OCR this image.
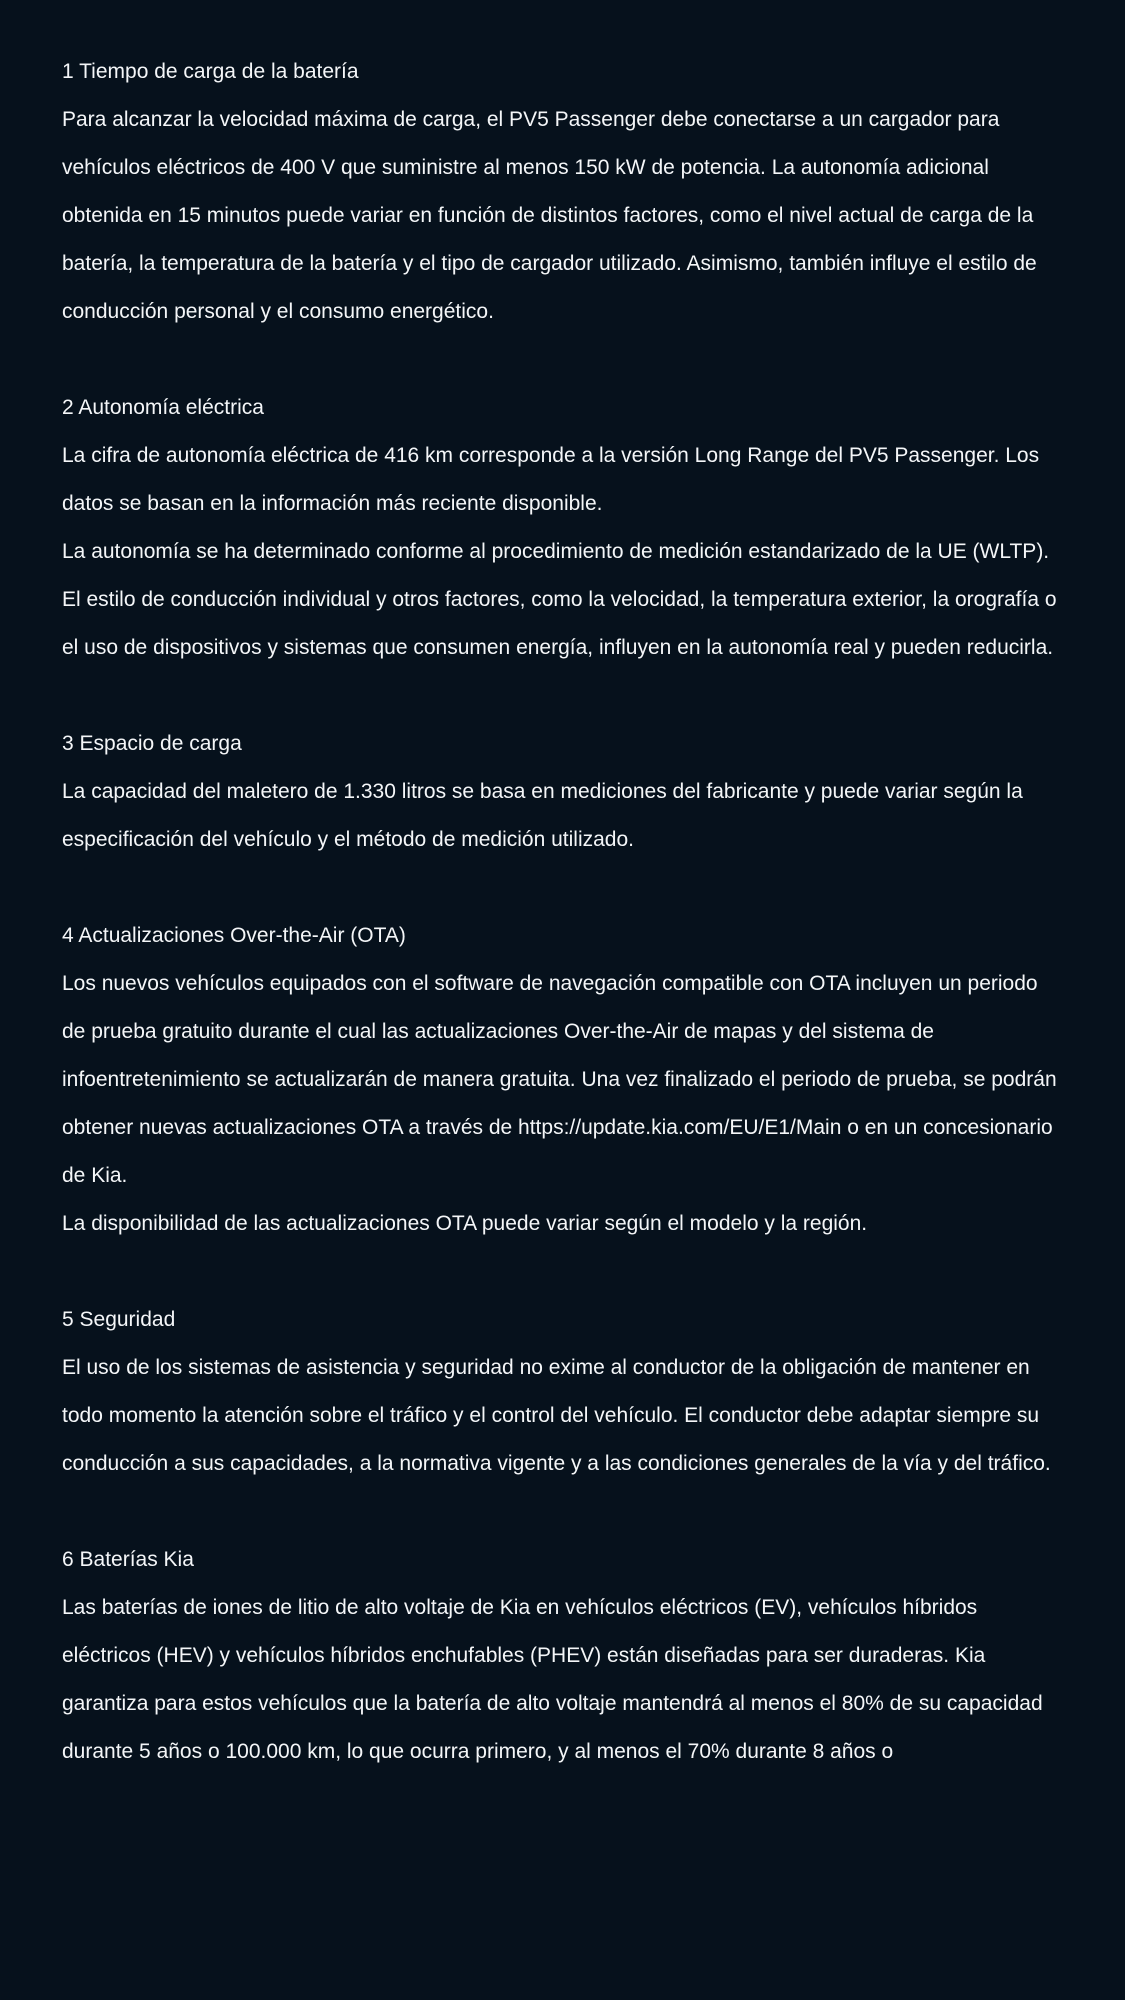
1 Tiempo de carga de la batería

Para alcanzar la velocidad máxima de carga, el PV5 Passenger debe conectarse a un cargador para vehículos eléctricos de 400 V que suministre al menos 150 kW de potencia. La autonomía adicional obtenida en 15 minutos puede variar en función de distintos factores, como el nivel actual de carga de la batería, la temperatura de la batería y el tipo de cargador utilizado. Asimismo, también influye el estilo de conducción personal y el consumo energético.

2 Autonomía eléctrica

La cifra de autonomía eléctrica de 416 km corresponde a la versión Long Range del PV5 Passenger. Los datos se basan en la información más reciente disponible.

La autonomía se ha determinado conforme al procedimiento de medición estandarizado de la UE (WLTP). El estilo de conducción individual y otros factores, como la velocidad, la temperatura exterior, la orografía o el uso de dispositivos y sistemas que consumen energía, influyen en la autonomía real y pueden reducirla.

3 Espacio de carga

La capacidad del maletero de 1.330 litros se basa en mediciones del fabricante y puede variar según la especificación del vehículo y el método de medición utilizado.

4 Actualizaciones Over-the-Air (OTA)

Los nuevos vehículos equipados con el software de navegación compatible con OTA incluyen un periodo de prueba gratuito durante el cual las actualizaciones Over-the-Air de mapas y del sistema de infoentretenimiento se actualizarán de manera gratuita. Una vez finalizado el periodo de prueba, se podrán obtener nuevas actualizaciones OTA a través de https://update.kia.com/EU/E1/Main o en un concesionario de Kia.

La disponibilidad de las actualizaciones OTA puede variar según el modelo y la región.

5 Seguridad

El uso de los sistemas de asistencia y seguridad no exime al conductor de la obligación de mantener en todo momento la atención sobre el tráfico y el control del vehículo. El conductor debe adaptar siempre su conducción a sus capacidades, a la normativa vigente y a las condiciones generales de la vía y del tráfico.

6 Baterías Kia

Las baterías de iones de litio de alto voltaje de Kia en vehículos eléctricos (EV), vehículos híbridos eléctricos (HEV) y vehículos híbridos enchufables (PHEV) están diseñadas para ser duraderas. Kia garantiza para estos vehículos que la batería de alto voltaje mantendrá al menos el 80% de su capacidad durante 5 años o 100.000 km, lo que ocurra primero, y al menos el 70% durante 8 años o
